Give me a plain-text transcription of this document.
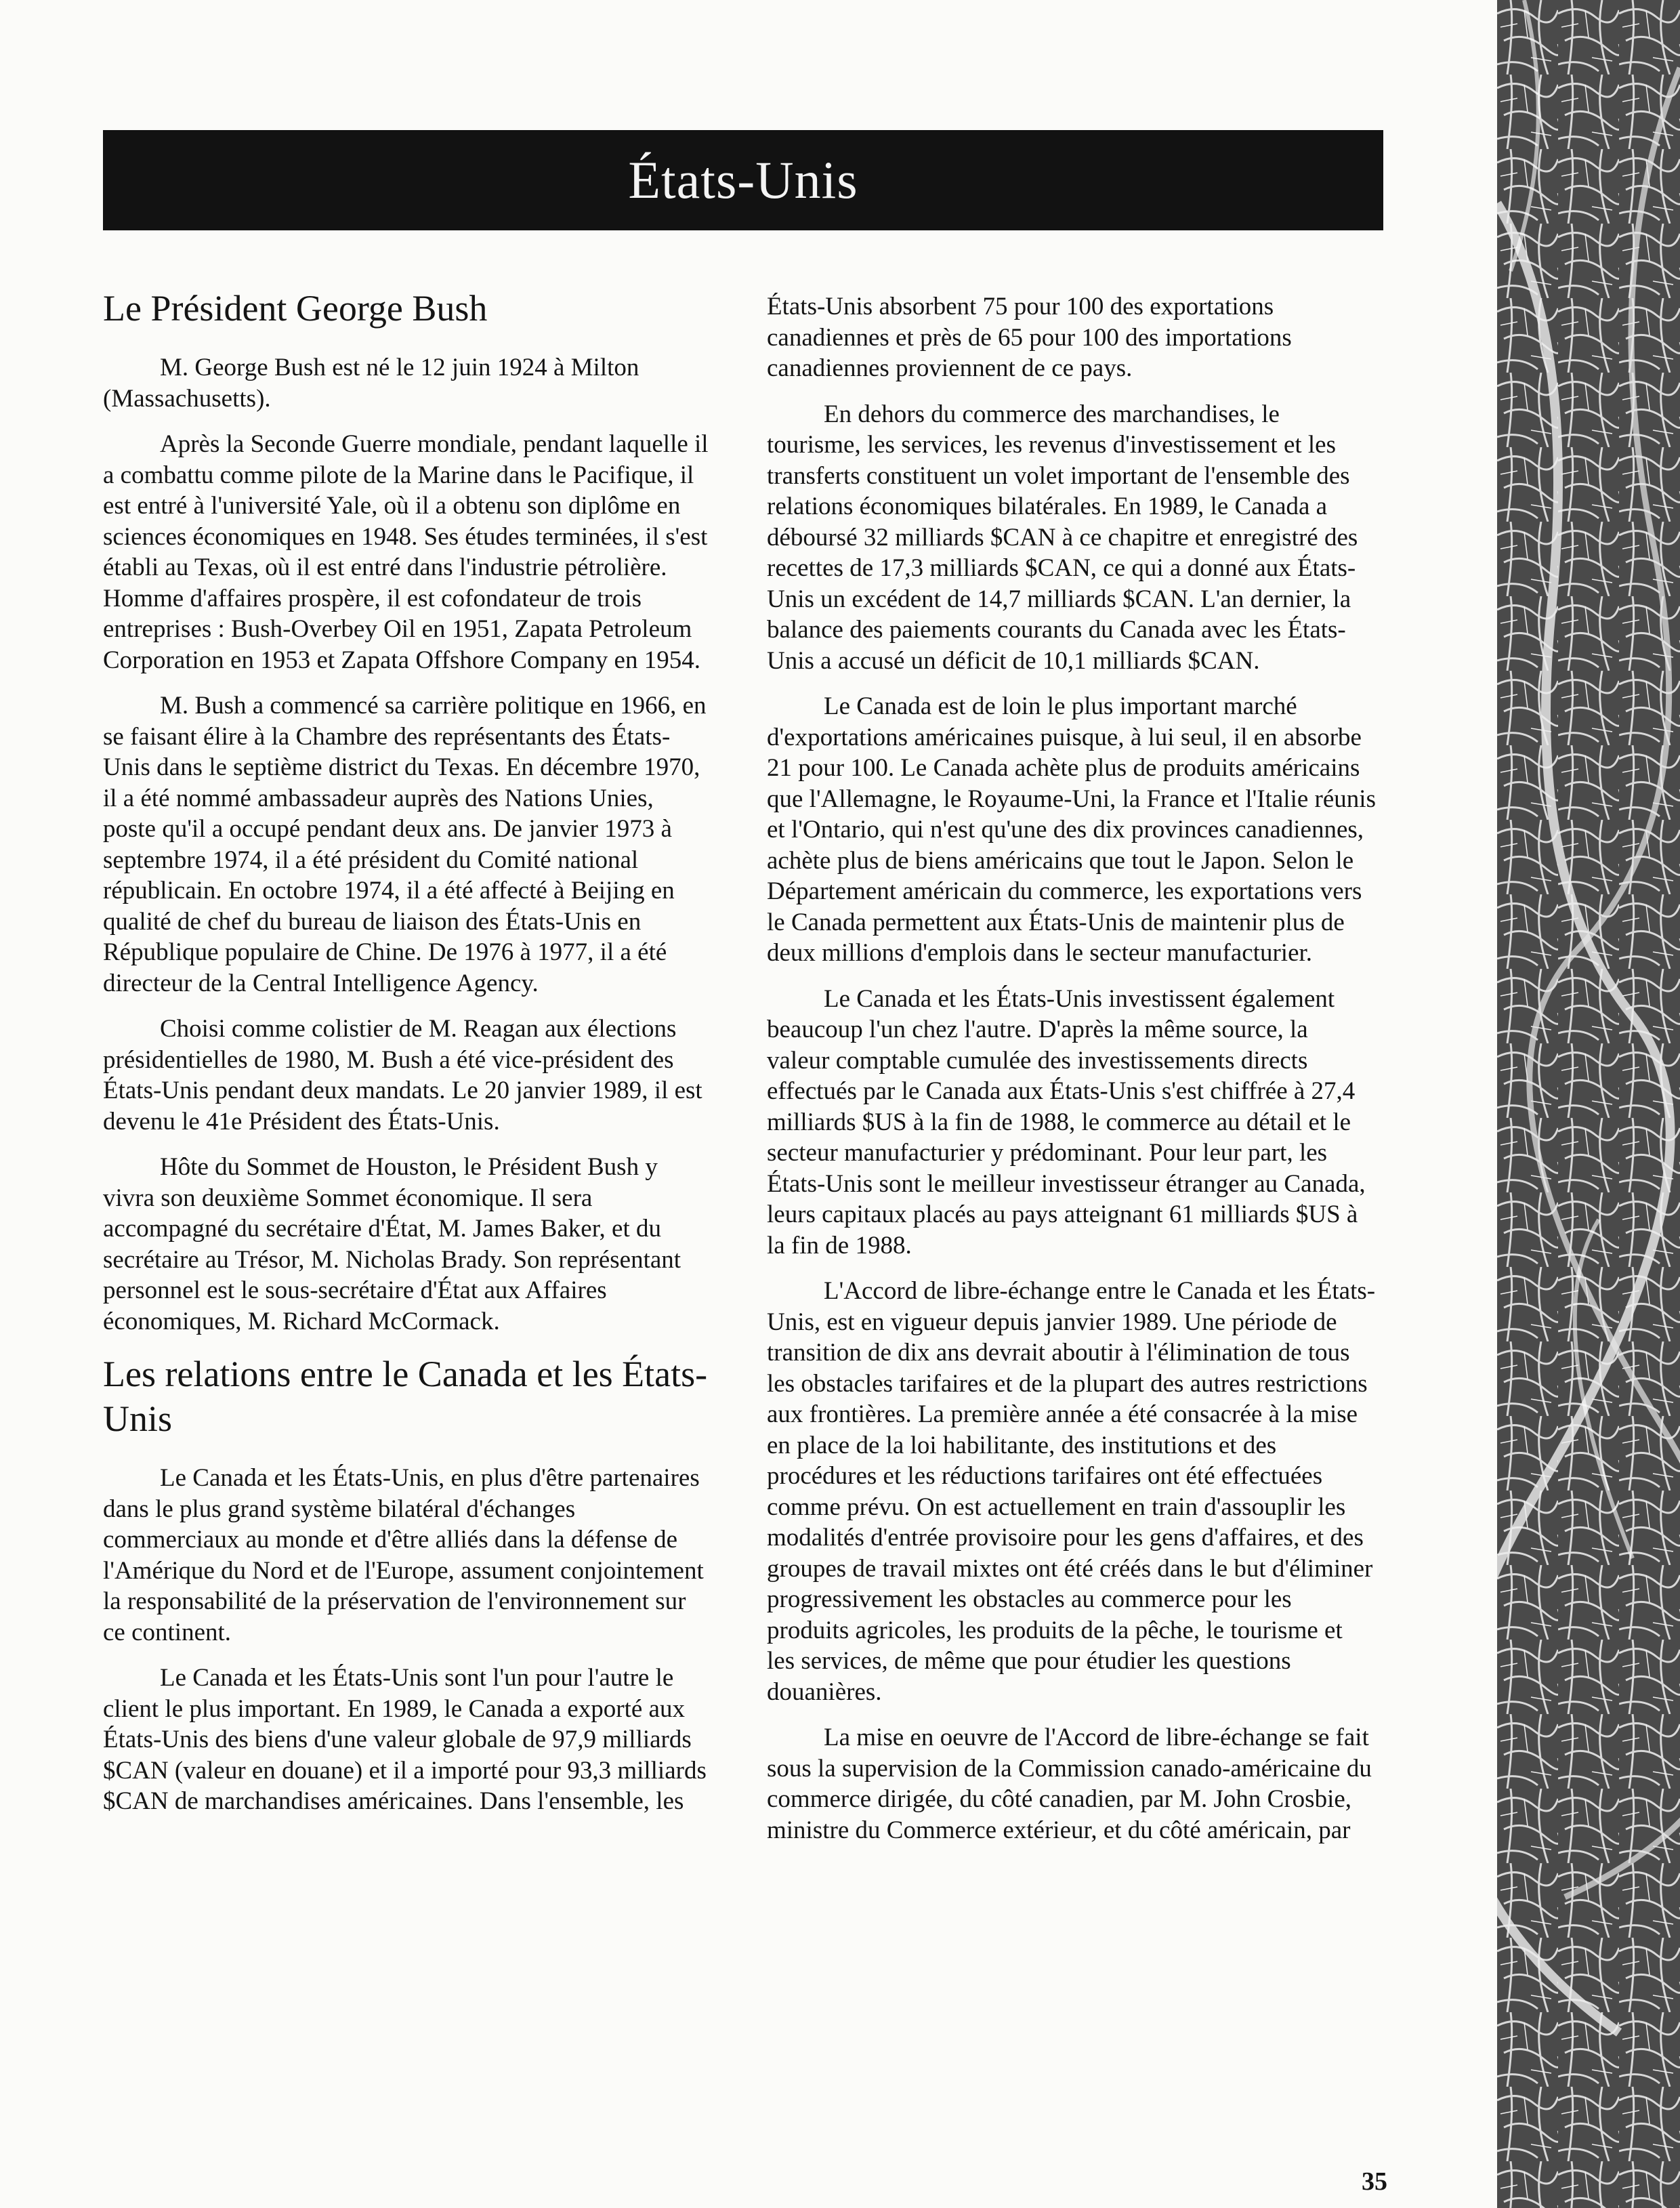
États-Unis
Le Président George Bush

M. George Bush est né le 12 juin 1924 à Milton (Massachusetts).

Après la Seconde Guerre mondiale, pendant laquelle il a combattu comme pilote de la Marine dans le Pacifique, il est entré à l'université Yale, où il a obtenu son diplôme en sciences économiques en 1948. Ses études terminées, il s'est établi au Texas, où il est entré dans l'industrie pétrolière. Homme d'affaires prospère, il est cofondateur de trois entreprises : Bush-Overbey Oil en 1951, Zapata Petroleum Corporation en 1953 et Zapata Offshore Company en 1954.

M. Bush a commencé sa carrière politique en 1966, en se faisant élire à la Chambre des représentants des États-Unis dans le septième district du Texas. En décembre 1970, il a été nommé ambassadeur auprès des Nations Unies, poste qu'il a occupé pendant deux ans. De janvier 1973 à septembre 1974, il a été président du Comité national républicain. En octobre 1974, il a été affecté à Beijing en qualité de chef du bureau de liaison des États-Unis en République populaire de Chine. De 1976 à 1977, il a été directeur de la Central Intelligence Agency.

Choisi comme colistier de M. Reagan aux élections présidentielles de 1980, M. Bush a été vice-président des États-Unis pendant deux mandats. Le 20 janvier 1989, il est devenu le 41e Président des États-Unis.

Hôte du Sommet de Houston, le Président Bush y vivra son deuxième Sommet économique. Il sera accompagné du secrétaire d'État, M. James Baker, et du secrétaire au Trésor, M. Nicholas Brady. Son représentant personnel est le sous-secrétaire d'État aux Affaires économiques, M. Richard McCormack.

Les relations entre le Canada et les États-Unis

Le Canada et les États-Unis, en plus d'être partenaires dans le plus grand système bilatéral d'échanges commerciaux au monde et d'être alliés dans la défense de l'Amérique du Nord et de l'Europe, assument conjointement la responsabilité de la préservation de l'environnement sur ce continent.

Le Canada et les États-Unis sont l'un pour l'autre le client le plus important. En 1989, le Canada a exporté aux États-Unis des biens d'une valeur globale de 97,9 milliards $CAN (valeur en douane) et il a importé pour 93,3 milliards $CAN de marchandises américaines. Dans l'ensemble, les

États-Unis absorbent 75 pour 100 des exportations canadiennes et près de 65 pour 100 des importations canadiennes proviennent de ce pays.

En dehors du commerce des marchandises, le tourisme, les services, les revenus d'investissement et les transferts constituent un volet important de l'ensemble des relations économiques bilatérales. En 1989, le Canada a déboursé 32 milliards $CAN à ce chapitre et enregistré des recettes de 17,3 milliards $CAN, ce qui a donné aux États-Unis un excédent de 14,7 milliards $CAN. L'an dernier, la balance des paiements courants du Canada avec les États-Unis a accusé un déficit de 10,1 milliards $CAN.

Le Canada est de loin le plus important marché d'exportations américaines puisque, à lui seul, il en absorbe 21 pour 100. Le Canada achète plus de produits américains que l'Allemagne, le Royaume-Uni, la France et l'Italie réunis et l'Ontario, qui n'est qu'une des dix provinces canadiennes, achète plus de biens américains que tout le Japon. Selon le Département américain du commerce, les exportations vers le Canada permettent aux États-Unis de maintenir plus de deux millions d'emplois dans le secteur manufacturier.

Le Canada et les États-Unis investissent également beaucoup l'un chez l'autre. D'après la même source, la valeur comptable cumulée des investissements directs effectués par le Canada aux États-Unis s'est chiffrée à 27,4 milliards $US à la fin de 1988, le commerce au détail et le secteur manufacturier y prédominant. Pour leur part, les États-Unis sont le meilleur investisseur étranger au Canada, leurs capitaux placés au pays atteignant 61 milliards $US à la fin de 1988.

L'Accord de libre-échange entre le Canada et les États-Unis, est en vigueur depuis janvier 1989. Une période de transition de dix ans devrait aboutir à l'élimination de tous les obstacles tarifaires et de la plupart des autres restrictions aux frontières. La première année a été consacrée à la mise en place de la loi habilitante, des institutions et des procédures et les réductions tarifaires ont été effectuées comme prévu. On est actuellement en train d'assouplir les modalités d'entrée provisoire pour les gens d'affaires, et des groupes de travail mixtes ont été créés dans le but d'éliminer progressivement les obstacles au commerce pour les produits agricoles, les produits de la pêche, le tourisme et les services, de même que pour étudier les questions douanières.

La mise en oeuvre de l'Accord de libre-échange se fait sous la supervision de la Commission canado-américaine du commerce dirigée, du côté canadien, par M. John Crosbie, ministre du Commerce extérieur, et du côté américain, par

35
